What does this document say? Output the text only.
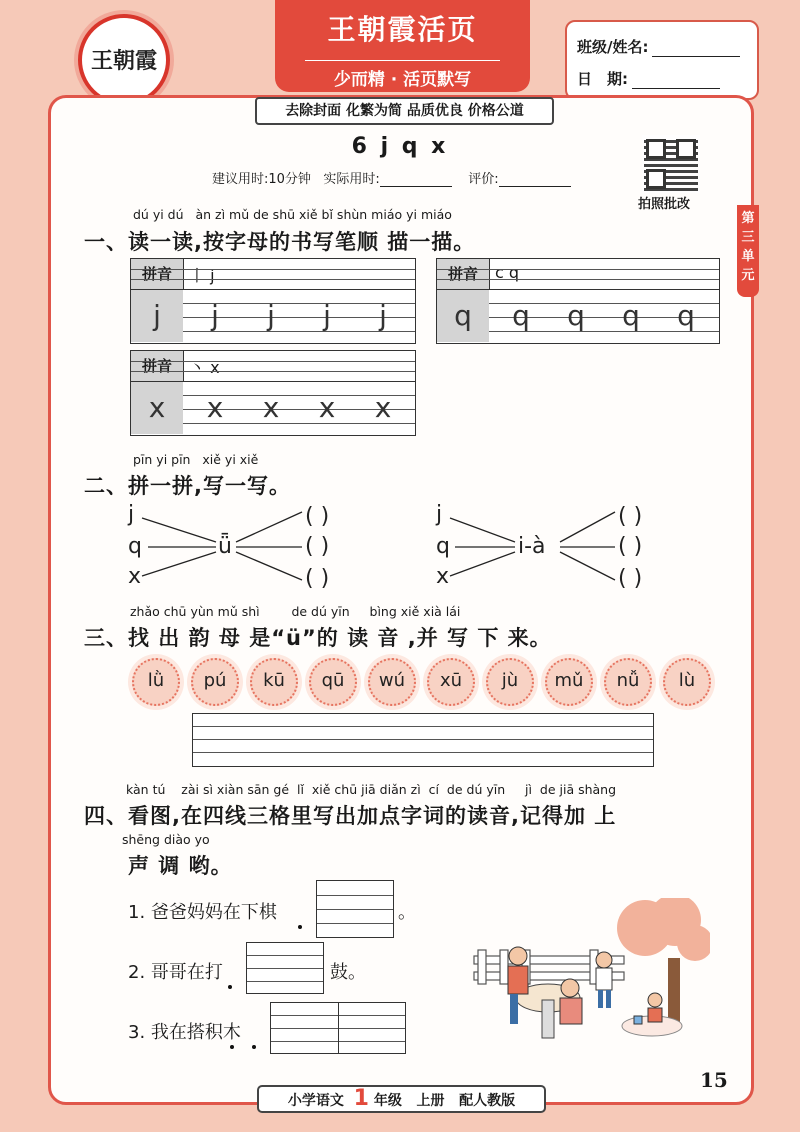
王朝霞活页
少而精 · 活页默写
王朝霞
班级/姓名:
日　期:
去除封面 化繁为简 品质优良 价格公道
6 j q x
建议用时:10分钟 实际用时:	评价:
拍照批改
第三单元
dú yi dú   àn zì mǔ de shū xiě bǐ shùn miáo yi miáo
一、读一读,按字母的书写笔顺 描一描。
拼音	丨 j
j	j	j	j	j
拼音	c q
q	q	q	q	q
拼音	丶 x
x	x	x	x	x
pīn yi pīn   xiě yi xiě
二、拼一拼,写一写。
j
q
x
ǖ
( )
( )
( )
j
q
x
i-à
( )
( )
( )
zhǎo chū yùn mǔ shì        de dú yīn     bìng xiě xià lái
三、找 出 韵 母 是“ü”的 读 音 ,并 写 下 来。
lǜ	pú	kū	qū	wú	xū	jù	mǔ	nǚ	lù
kàn tú    zài sì xiàn sān gé  lǐ  xiě chū jiā diǎn zì  cí  de dú yīn     jì  de jiā shàng
四、看图,在四线三格里写出加点字词的读音,记得加 上
shēng diào yo
声 调 哟。
1. 爸爸妈妈在下棋	。
2. 哥哥在打	鼓。
3. 我在搭积木
小学语文 1 年级 上册 配人教版
15
